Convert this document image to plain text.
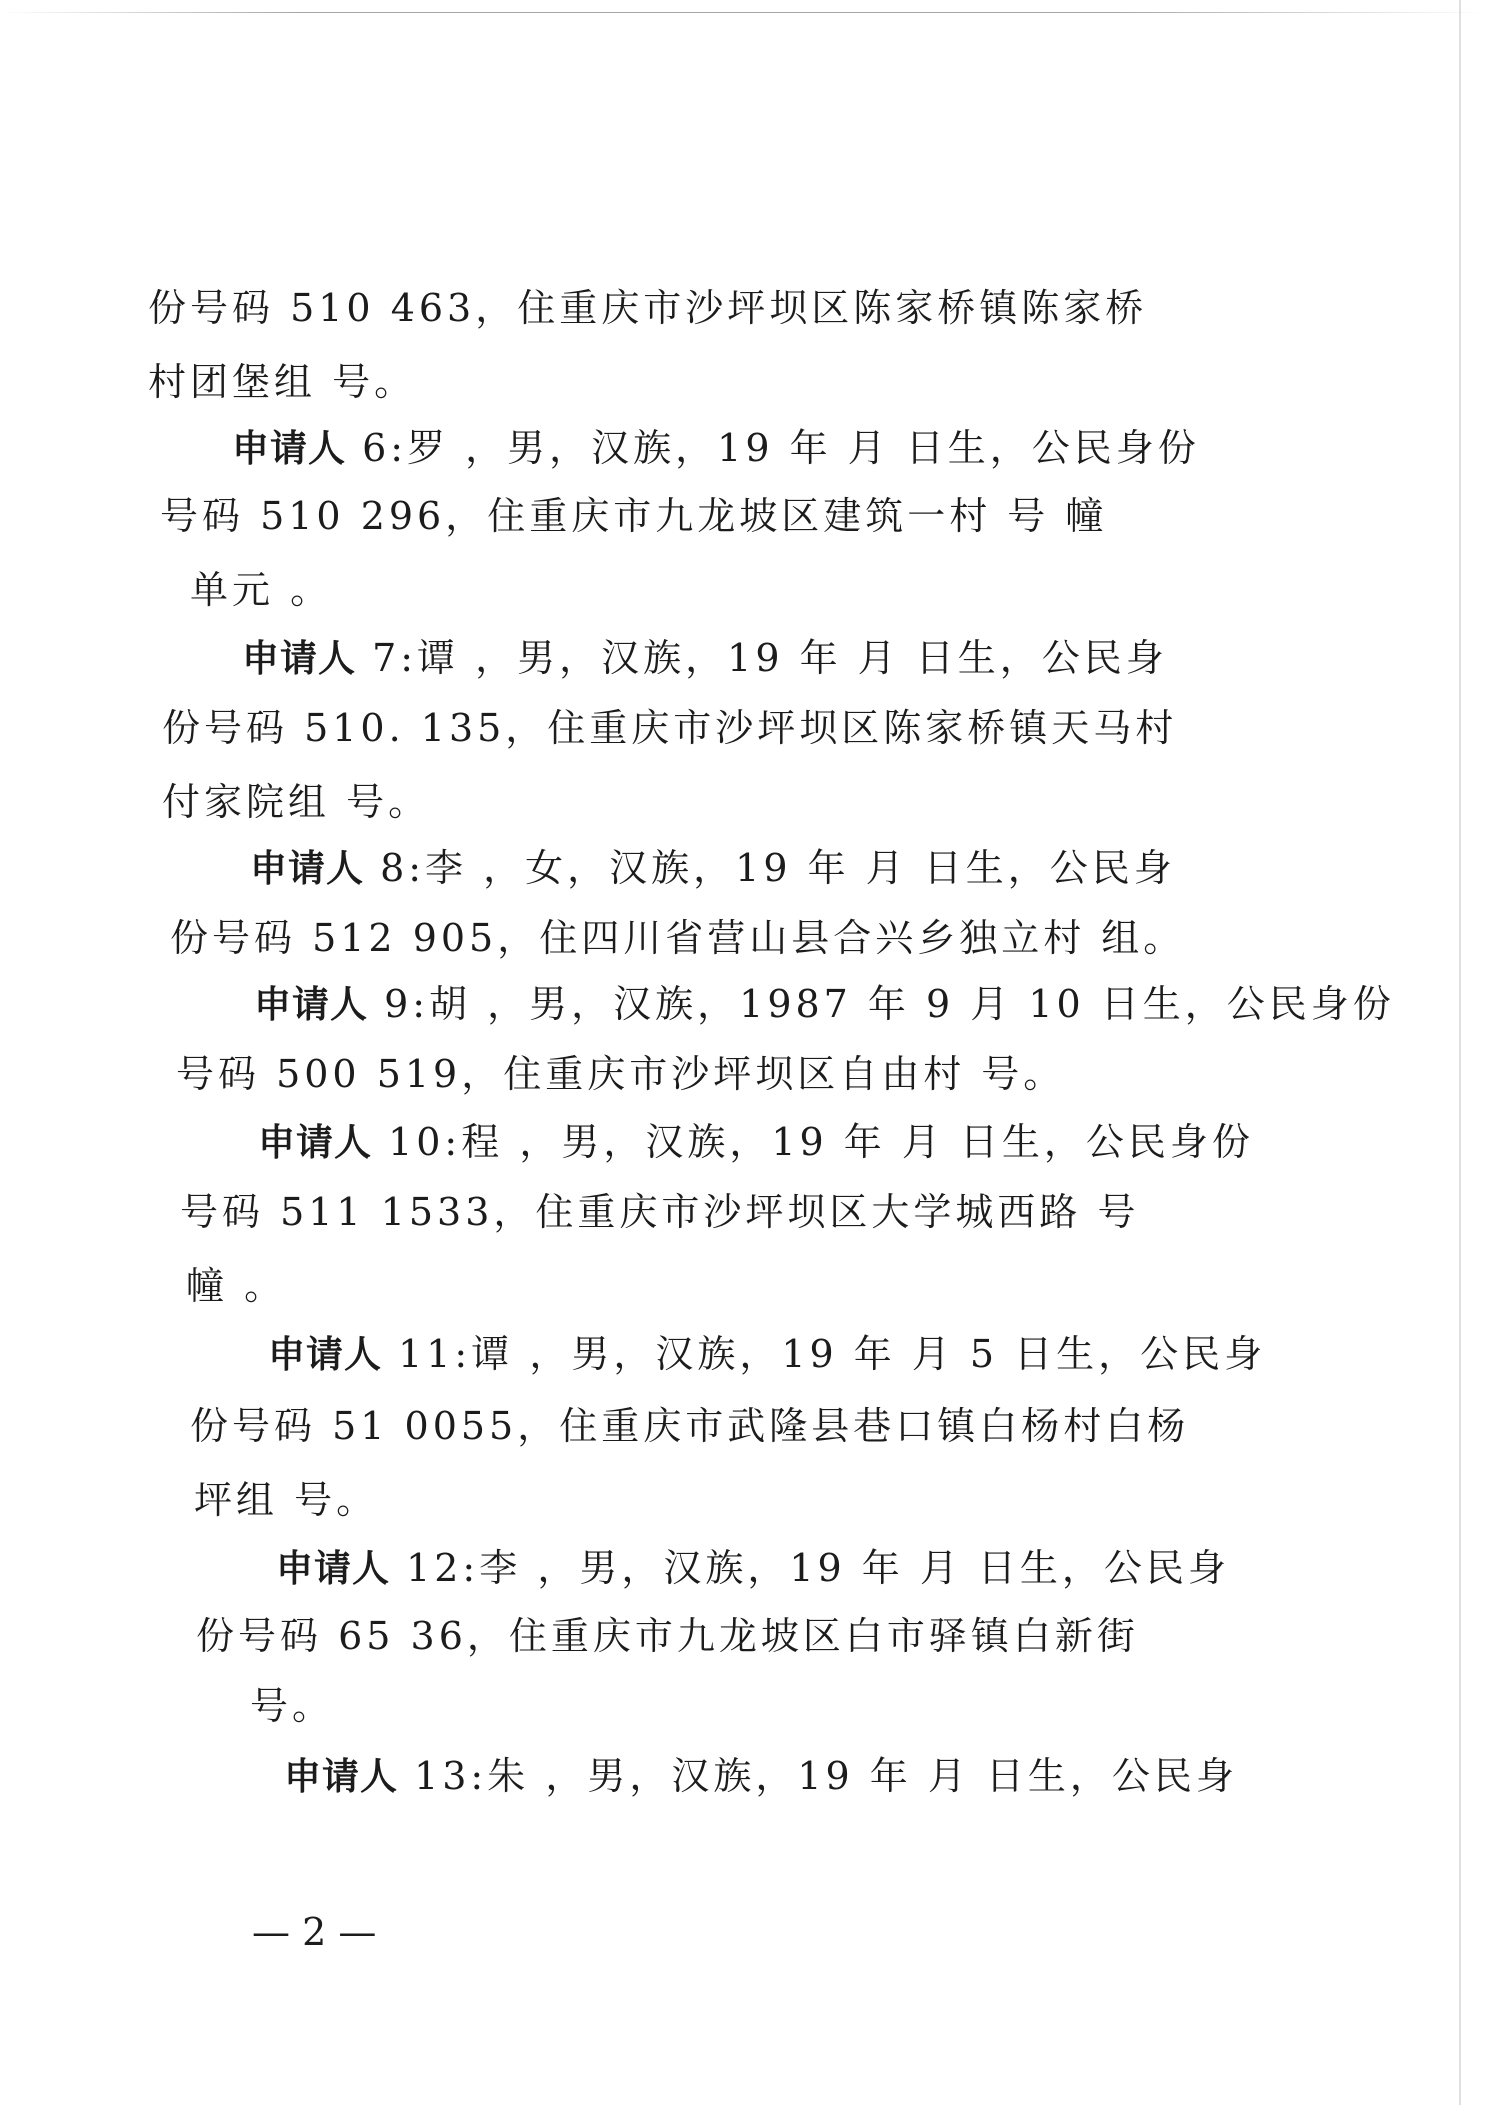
份号码 510 463，住重庆市沙坪坝区陈家桥镇陈家桥
村团堡组 号。
申请人 6:罗 ，男，汉族，19 年 月 日生，公民身份
号码 510 296，住重庆市九龙坡区建筑一村 号 幢
单元 。
申请人 7:谭 ，男，汉族，19 年 月 日生，公民身
份号码 510. 135，住重庆市沙坪坝区陈家桥镇天马村
付家院组 号。
申请人 8:李 ，女，汉族，19 年 月 日生，公民身
份号码 512 905，住四川省营山县合兴乡独立村 组。
申请人 9:胡 ，男，汉族，1987 年 9 月 10 日生，公民身份
号码 500 519，住重庆市沙坪坝区自由村 号。
申请人 10:程 ，男，汉族，19 年 月 日生，公民身份
号码 511 1533，住重庆市沙坪坝区大学城西路 号
幢 。
申请人 11:谭 ，男，汉族，19 年 月 5 日生，公民身
份号码 51 0055，住重庆市武隆县巷口镇白杨村白杨
坪组 号。
申请人 12:李 ，男，汉族，19 年 月 日生，公民身
份号码 65 36，住重庆市九龙坡区白市驿镇白新街
号。
申请人 13:朱 ，男，汉族，19 年 月 日生，公民身
— 2 —
